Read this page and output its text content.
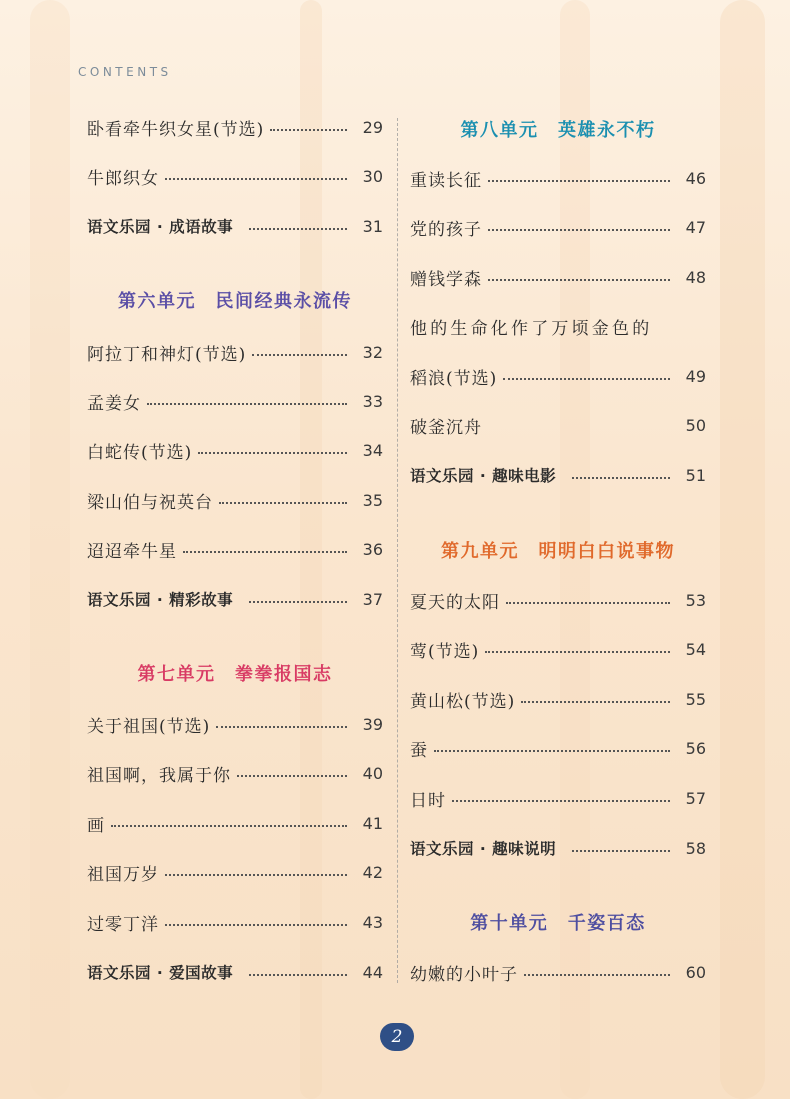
CONTENTS
卧看牵牛织女星(节选)	29
牛郎织女	30
语文乐园 · 成语故事	31
第六单元　民间经典永流传
阿拉丁和神灯(节选)	32
孟姜女	33
白蛇传(节选)	34
梁山伯与祝英台	35
迢迢牵牛星	36
语文乐园 · 精彩故事	37
第七单元　拳拳报国志
关于祖国(节选)	39
祖国啊，我属于你	40
画	41
祖国万岁	42
过零丁洋	43
语文乐园 · 爱国故事	44
第八单元　英雄永不朽
重读长征	46
党的孩子	47
赠钱学森	48
他的生命化作了万顷金色的
稻浪(节选)	49
破釜沉舟	50
语文乐园 · 趣味电影	51
第九单元　明明白白说事物
夏天的太阳	53
莺(节选)	54
黄山松(节选)	55
蚕	56
日时	57
语文乐园 · 趣味说明	58
第十单元　千姿百态
幼嫩的小叶子	60
2
